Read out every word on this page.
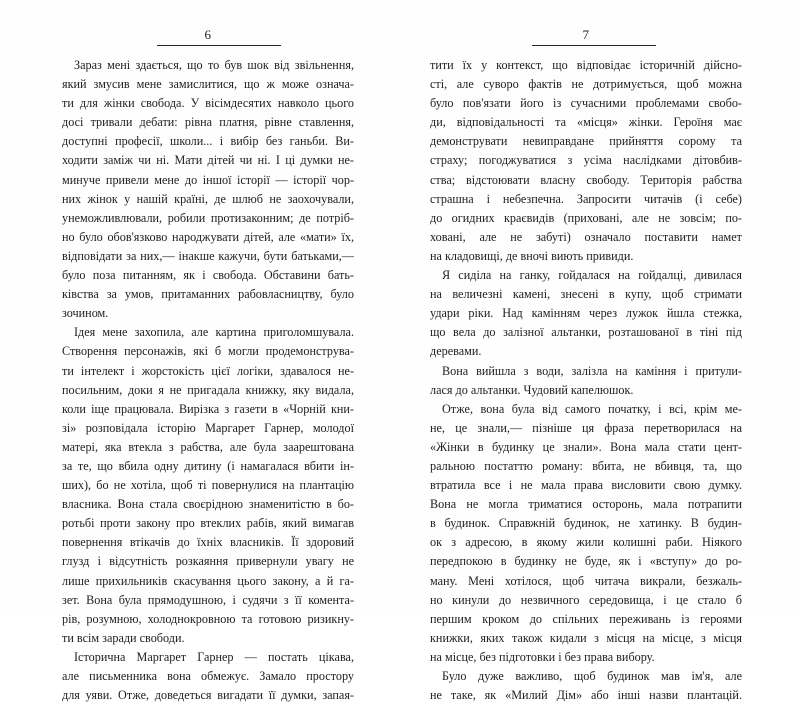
6
Зараз мені здається, що то був шок від звільнення,
який змусив мене замислитися, що ж може означа-
ти для жінки свобода. У вісімдесятих навколо цього
досі тривали дебати: рівна платня, рівне ставлення,
доступні професії, школи... і вибір без ганьби. Ви-
ходити заміж чи ні. Мати дітей чи ні. І ці думки не-
минуче привели мене до іншої історії — історії чор-
них жінок у нашій країні, де шлюб не заохочували,
унеможливлювали, робили протизаконним; де потріб-
но було обов'язково народжувати дітей, але «мати» їх,
відповідати за них,— інакше кажучи, бути батьками,—
було поза питанням, як і свобода. Обставини бать-
ківства за умов, притаманних рабовласництву, було
зочином.
Ідея мене захопила, але картина приголомшувала.
Створення персонажів, які б могли продемонструва-
ти інтелект і жорстокість цієї логіки, здавалося не-
посильним, доки я не пригадала книжку, яку видала,
коли іще працювала. Вирізка з газети в «Чорній кни-
зі» розповідала історію Маргарет Гарнер, молодої
матері, яка втекла з рабства, але була заарештована
за те, що вбила одну дитину (і намагалася вбити ін-
ших), бо не хотіла, щоб ті повернулися на плантацію
власника. Вона стала своєрідною знаменитістю в бо-
ротьбі проти закону про втеклих рабів, який вимагав
повернення втікачів до їхніх власників. Її здоровий
глузд і відсутність розкаяння привернули увагу не
лише прихильників скасування цього закону, а й га-
зет. Вона була прямодушною, і судячи з її комента-
рів, розумною, холоднокровною та готовою ризикну-
ти всім заради свободи.
Історична Маргарет Гарнер — постать цікава,
але письменника вона обмежує. Замало простору
для уяви. Отже, доведеться вигадати її думки, запая-
7
тити їх у контекст, що відповідає історичній дійсно-
сті, але суворо фактів не дотримується, щоб можна
було пов'язати його із сучасними проблемами свобо-
ди, відповідальності та «місця» жінки. Героїня має
демонструвати невиправдане прийняття сорому та
страху; погоджуватися з усіма наслідками дітовбив-
ства; відстоювати власну свободу. Територія рабства
страшна і небезпечна. Запросити читачів (і себе)
до огидних краєвидів (приховані, але не зовсім; по-
ховані, але не забуті) означало поставити намет
на кладовищі, де вночі виють привиди.
Я сиділа на ганку, гойдалася на гойдалці, дивилася
на величезні камені, знесені в купу, щоб стримати
удари ріки. Над камінням через лужок йшла стежка,
що вела до залізної альтанки, розташованої в тіні під
деревами.
Вона вийшла з води, залізла на каміння і притули-
лася до альтанки. Чудовий капелюшок.
Отже, вона була від самого початку, і всі, крім ме-
не, це знали,— пізніше ця фраза перетворилася на
«Жінки в будинку це знали». Вона мала стати цент-
ральною постаттю роману: вбита, не вбивця, та, що
втратила все і не мала права висловити свою думку.
Вона не могла триматися осторонь, мала потрапити
в будинок. Справжній будинок, не хатинку. В будин-
ок з адресою, в якому жили колишні раби. Ніякого
передпокою в будинку не буде, як і «вступу» до ро-
ману. Мені хотілося, щоб читача викрали, безжаль-
но кинули до незвичного середовища, і це стало б
першим кроком до спільних переживань із героями
книжки, яких також кидали з місця на місце, з місця
на місце, без підготовки і без права вибору.
Було дуже важливо, щоб будинок мав ім'я, але
не таке, як «Милий Дім» або інші назви плантацій.
